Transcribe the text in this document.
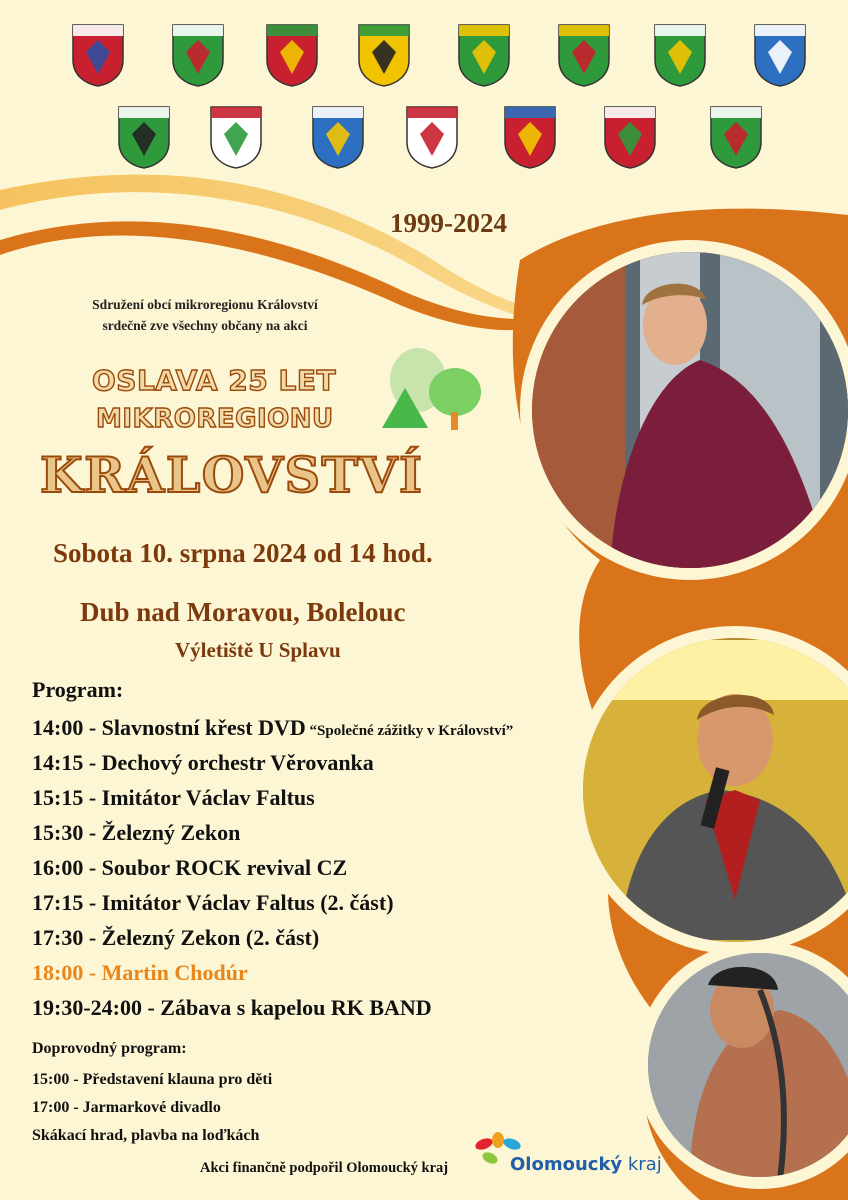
1999-2024
Sdružení obcí mikroregionu Království
srdečně zve všechny občany na akci
OSLAVA 25 LET
MIKROREGIONU
KRÁLOVSTVÍ
Sobota 10. srpna 2024 od 14 hod.
Dub nad Moravou, Bolelouc
Výletiště U Splavu
Program:
14:00 - Slavnostní křest DVD “Společné zážitky v Království”
14:15 - Dechový orchestr Věrovanka
15:15 - Imitátor Václav Faltus
15:30 - Železný Zekon
16:00 - Soubor ROCK revival CZ
17:15 - Imitátor Václav Faltus (2. část)
17:30 - Železný Zekon (2. část)
18:00 - Martin Chodúr
19:30-24:00 - Zábava s kapelou RK BAND
Doprovodný program:
15:00 - Představení klauna pro děti
17:00 - Jarmarkové divadlo
Skákací hrad, plavba na loďkách
Akci finančně podpořil Olomoucký kraj	Olomoucký kraj
